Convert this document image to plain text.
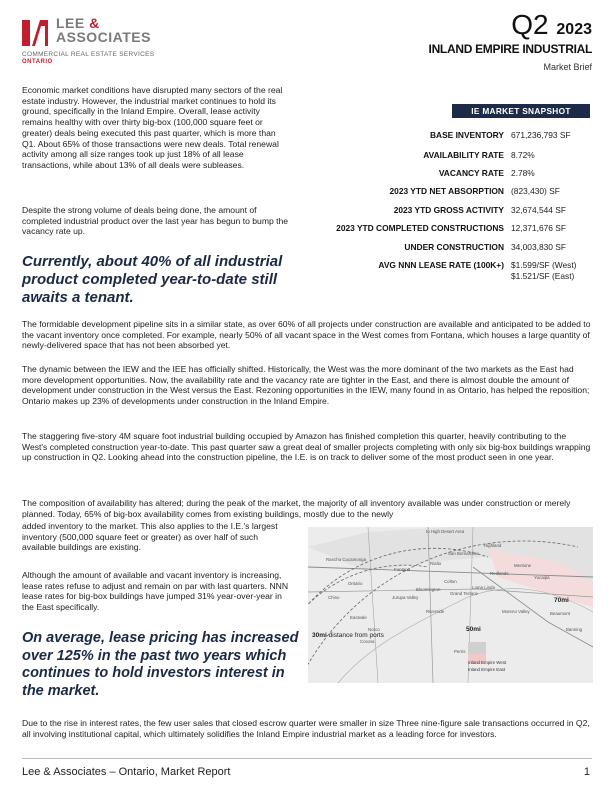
LEE &
ASSOCIATES
COMMERCIAL REAL ESTATE SERVICES
ONTARIO
Q2 2023
INLAND EMPIRE INDUSTRIAL
Market Brief
Economic market conditions have disrupted many sectors of the real estate industry. However, the industrial market continues to hold its ground, specifically in the Inland Empire. Overall, lease activity remains healthy with over thirty big-box (100,000 square feet or greater) deals being executed this past quarter, which is more than Q1. About 65% of those transactions were new deals. Total renewal activity among all size ranges took up just 18% of all lease transactions, while about 13% of all deals were subleases.
Despite the strong volume of deals being done, the amount of completed industrial product over the last year has begun to bump the vacancy rate up.
Currently, about 40% of all industrial product completed year-to-date still awaits a tenant.
IE MARKET SNAPSHOT
BASE INVENTORY 671,236,793 SF
AVAILABILITY RATE 8.72%
VACANCY RATE 2.78%
2023 YTD NET ABSORPTION (823,430) SF
2023 YTD GROSS ACTIVITY 32,674,544 SF
2023 YTD COMPLETED CONSTRUCTIONS 12,371,676 SF
UNDER CONSTRUCTION 34,003,830 SF
AVG NNN LEASE RATE (100K+) $1.599/SF (West)
$1.521/SF (East)
The formidable development pipeline sits in a similar state, as over 60% of all projects under construction are available and anticipated to be added to the vacant inventory once completed. For example, nearly 50% of all vacant space in the West comes from Fontana, which houses a large quantity of newly-delivered space that has not been absorbed yet.
The dynamic between the IEW and the IEE has officially shifted. Historically, the West was the more dominant of the two markets as the East had more development opportunities. Now, the availability rate and the vacancy rate are tighter in the East, and there is almost double the amount of development under construction in the West versus the East. Rezoning opportunities in the IEW, many found in as Ontario, has helped the reposition; Ontario makes up 23% of developments under construction in the Inland Empire.
The staggering five-story 4M square foot industrial building occupied by Amazon has finished completion this quarter, heavily contributing to the West's completed construction year-to-date. This past quarter saw a great deal of smaller projects completing with only six big-box buildings wrapping up construction in Q2. Looking ahead into the construction pipeline, the I.E. is on track to deliver some of the most product seen in one year.
The composition of availability has altered; during the peak of the market, the majority of all inventory available was under construction or merely planned. Today, 65% of big-box availability comes from existing buildings, mostly due to the newly
added inventory to the market. This also applies to the I.E.'s largest inventory (500,000 square feet or greater) as over half of such available buildings are existing.
Although the amount of available and vacant inventory is increasing, lease rates refuse to adjust and remain on par with last quarters. NNN lease rates for big-box buildings have jumped 31% year-over-year in the East specifically.
On average, lease pricing has increased over 125% in the past two years which continues to hold investors interest in the market.
Due to the rise in interest rates, the few user sales that closed escrow quarter were smaller in size Three nine-figure sale transactions occurred in Q2, all involving institutional capital, which ultimately solidifies the Inland Empire industrial market as a leading force for investors.
Rancho Cucamonga
Ontario
Chino
Fontana
Rialto
San Bernardino
Highland
Redlands
Yucaipa
Colton
Bloomington
Jurupa Valley
Eastvale
Norco
Corona
Riverside	Moreno Valley	Beaumont
Banning
Perris
Grand Terrace
Loma Linda
Mentone
to High Desert Area
30mi distance from ports
50mi
70mi
Inland Empire West
Inland Empire East
Lee & Associates – Ontario, Market Report	1
